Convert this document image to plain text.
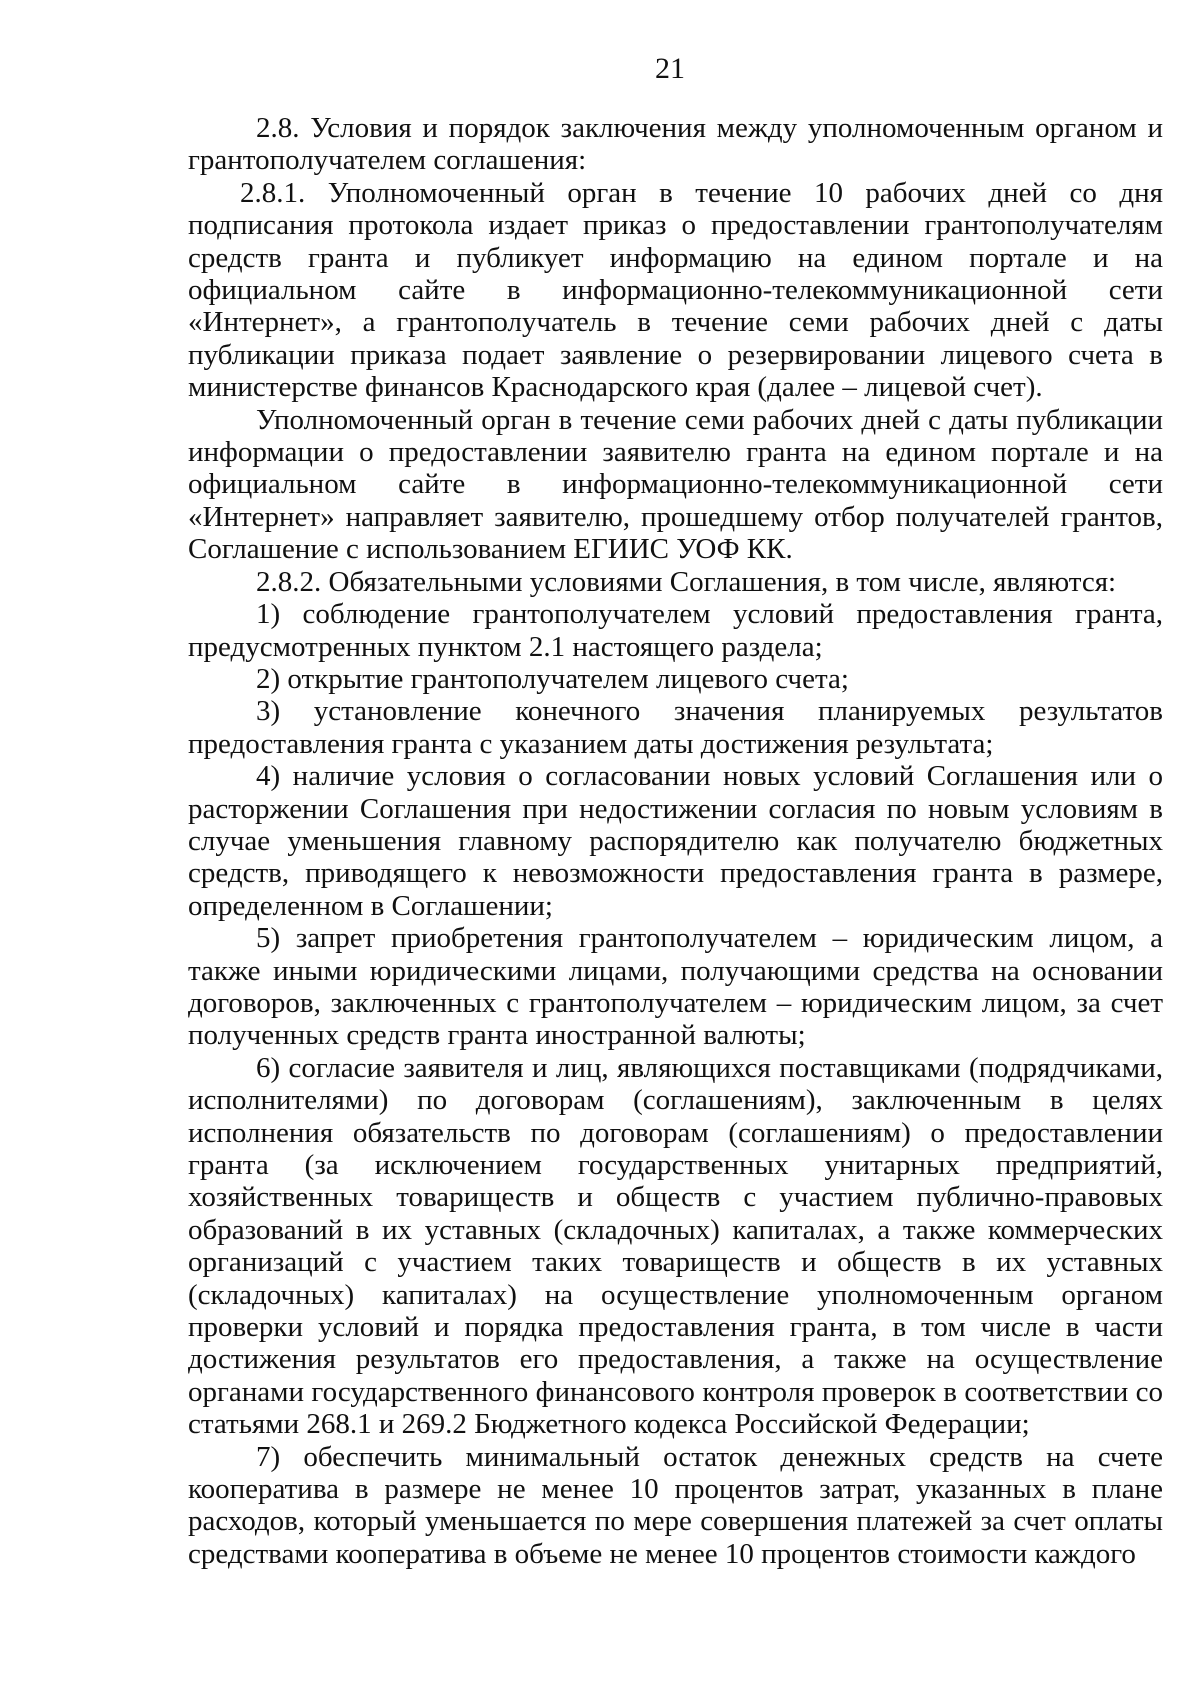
21

2.8. Условия и порядок заключения между уполномоченным органом и грантополучателем соглашения:

2.8.1. Уполномоченный орган в течение 10 рабочих дней со дня подписания протокола издает приказ о предоставлении грантополучателям средств гранта и публикует информацию на едином портале и на официальном сайте в информационно-телекоммуникационной сети «Интернет», а грантополучатель в течение семи рабочих дней с даты публикации приказа подает заявление о резервировании лицевого счета в министерстве финансов Краснодарского края (далее – лицевой счет).

Уполномоченный орган в течение семи рабочих дней с даты публикации информации о предоставлении заявителю гранта на едином портале и на официальном сайте в информационно-телекоммуникационной сети «Интернет» направляет заявителю, прошедшему отбор получателей грантов, Соглашение с использованием ЕГИИС УОФ КК.

2.8.2. Обязательными условиями Соглашения, в том числе, являются:

1) соблюдение грантополучателем условий предоставления гранта, предусмотренных пунктом 2.1 настоящего раздела;

2) открытие грантополучателем лицевого счета;

3) установление конечного значения планируемых результатов предоставления гранта с указанием даты достижения результата;

4) наличие условия о согласовании новых условий Соглашения или о расторжении Соглашения при недостижении согласия по новым условиям в случае уменьшения главному распорядителю как получателю бюджетных средств, приводящего к невозможности предоставления гранта в размере, определенном в Соглашении;

5) запрет приобретения грантополучателем – юридическим лицом, а также иными юридическими лицами, получающими средства на основании договоров, заключенных с грантополучателем – юридическим лицом, за счет полученных средств гранта иностранной валюты;

6) согласие заявителя и лиц, являющихся поставщиками (подрядчиками, исполнителями) по договорам (соглашениям), заключенным в целях исполнения обязательств по договорам (соглашениям) о предоставлении гранта (за исключением государственных унитарных предприятий, хозяйственных товариществ и обществ с участием публично-правовых образований в их уставных (складочных) капиталах, а также коммерческих организаций с участием таких товариществ и обществ в их уставных (складочных) капиталах) на осуществление уполномоченным органом проверки условий и порядка предоставления гранта, в том числе в части достижения результатов его предоставления, а также на осуществление органами государственного финансового контроля проверок в соответствии со статьями 268.1 и 269.2 Бюджетного кодекса Российской Федерации;

7) обеспечить минимальный остаток денежных средств на счете кооператива в размере не менее 10 процентов затрат, указанных в плане расходов, который уменьшается по мере совершения платежей за счет оплаты средствами кооператива в объеме не менее 10 процентов стоимости каждого
